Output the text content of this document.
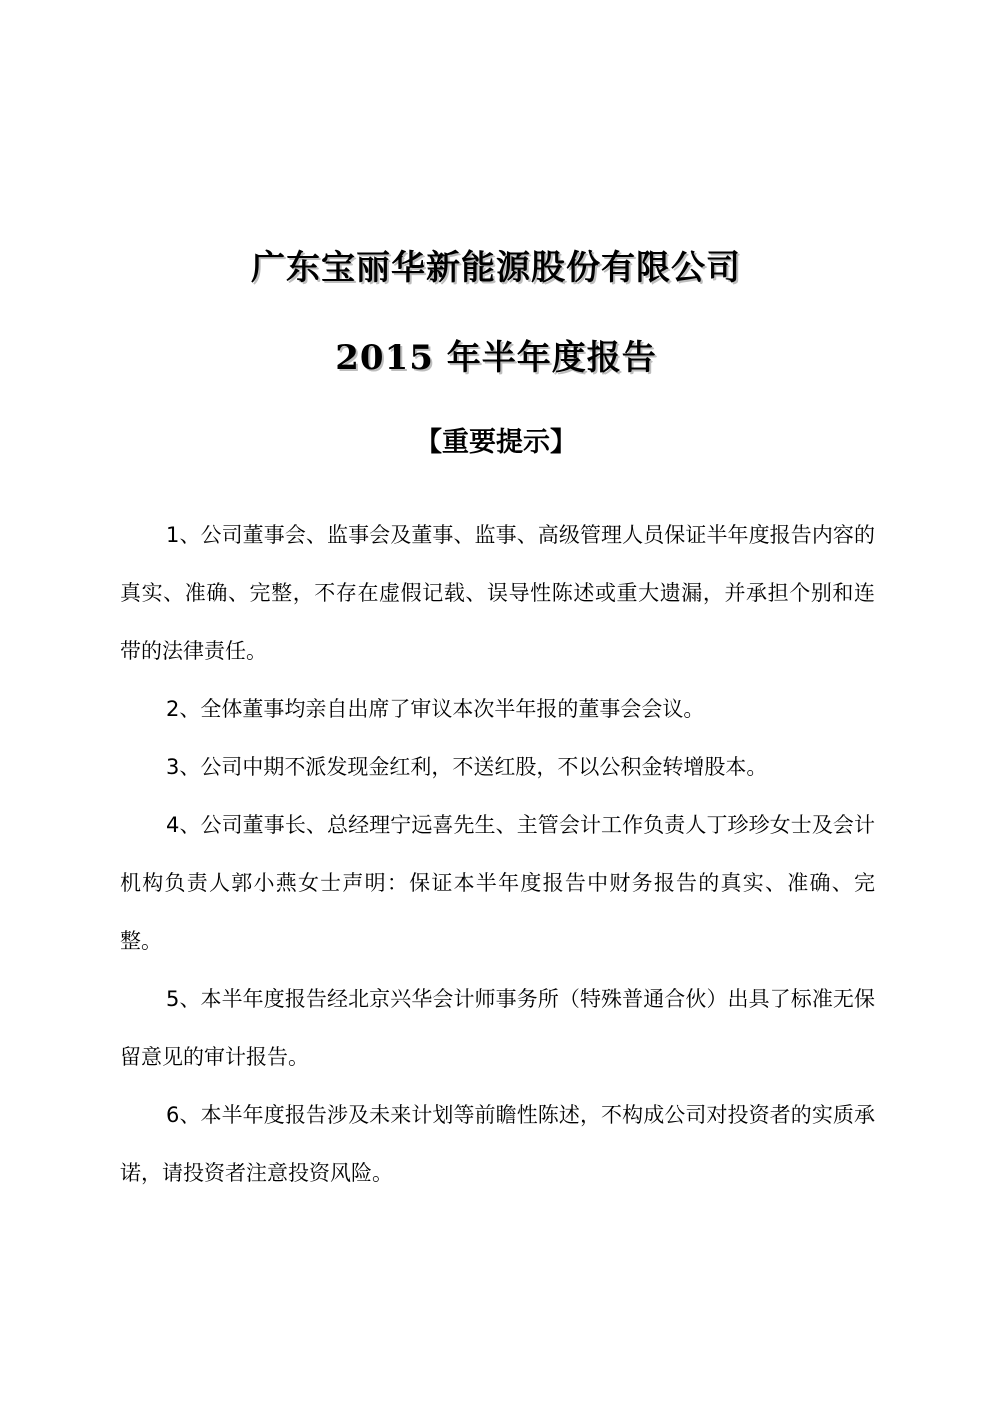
广东宝丽华新能源股份有限公司
2015 年半年度报告
【重要提示】
1、公司董事会、监事会及董事、监事、高级管理人员保证半年度报告内容的真实、准确、完整，不存在虚假记载、误导性陈述或重大遗漏，并承担个别和连带的法律责任。
2、全体董事均亲自出席了审议本次半年报的董事会会议。
3、公司中期不派发现金红利，不送红股，不以公积金转增股本。
4、公司董事长、总经理宁远喜先生、主管会计工作负责人丁珍珍女士及会计机构负责人郭小燕女士声明：保证本半年度报告中财务报告的真实、准确、完整。
5、本半年度报告经北京兴华会计师事务所（特殊普通合伙）出具了标准无保留意见的审计报告。
6、本半年度报告涉及未来计划等前瞻性陈述，不构成公司对投资者的实质承诺，请投资者注意投资风险。
